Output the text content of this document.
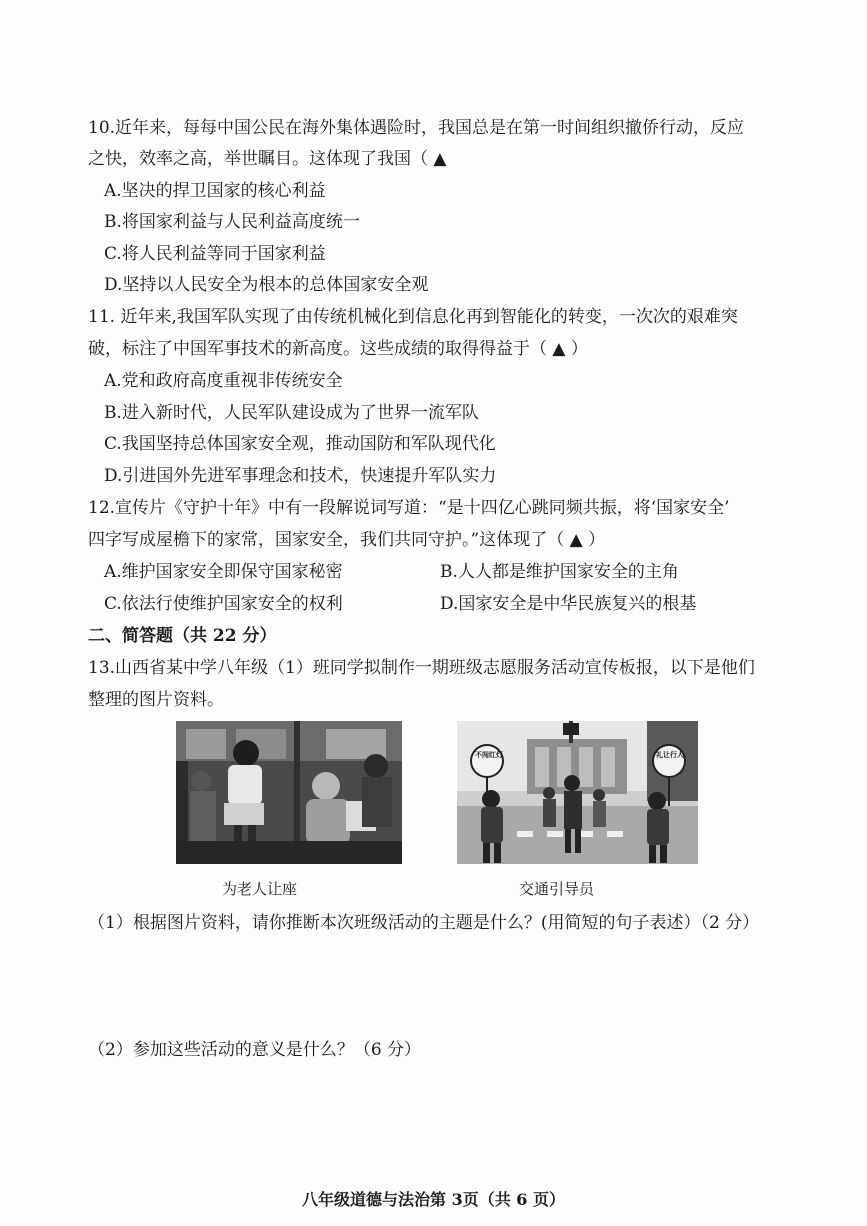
10.近年来，每每中国公民在海外集体遇险时，我国总是在第一时间组织撤侨行动，反应
之快，效率之高，举世瞩目。这体现了我国（ ▲
A.坚决的捍卫国家的核心利益
B.将国家利益与人民利益高度统一
C.将人民利益等同于国家利益
D.坚持以人民安全为根本的总体国家安全观
11. 近年来,我国军队实现了由传统机械化到信息化再到智能化的转变，一次次的艰难突
破，标注了中国军事技术的新高度。这些成绩的取得得益于（ ▲ ）
A.党和政府高度重视非传统安全
B.进入新时代，人民军队建设成为了世界一流军队
C.我国坚持总体国家安全观，推动国防和军队现代化
D.引进国外先进军事理念和技术，快速提升军队实力
12.宣传片《守护十年》中有一段解说词写道：“是十四亿心跳同频共振，将‘国家安全’
四字写成屋檐下的家常，国家安全，我们共同守护。”这体现了（ ▲ ）
A.维护国家安全即保守国家秘密	B.人人都是维护国家安全的主角
C.依法行使维护国家安全的权利	D.国家安全是中华民族复兴的根基
二、简答题（共 22 分）
13.山西省某中学八年级（1）班同学拟制作一期班级志愿服务活动宣传板报，以下是他们
整理的图片资料。
为老人让座
不闯红灯	礼让行人
交通引导员
（1）根据图片资料，请你推断本次班级活动的主题是什么？(用简短的句子表述）（2 分）
（2）参加这些活动的意义是什么？（6 分）
八年级道德与法治第 3页（共 6 页）
